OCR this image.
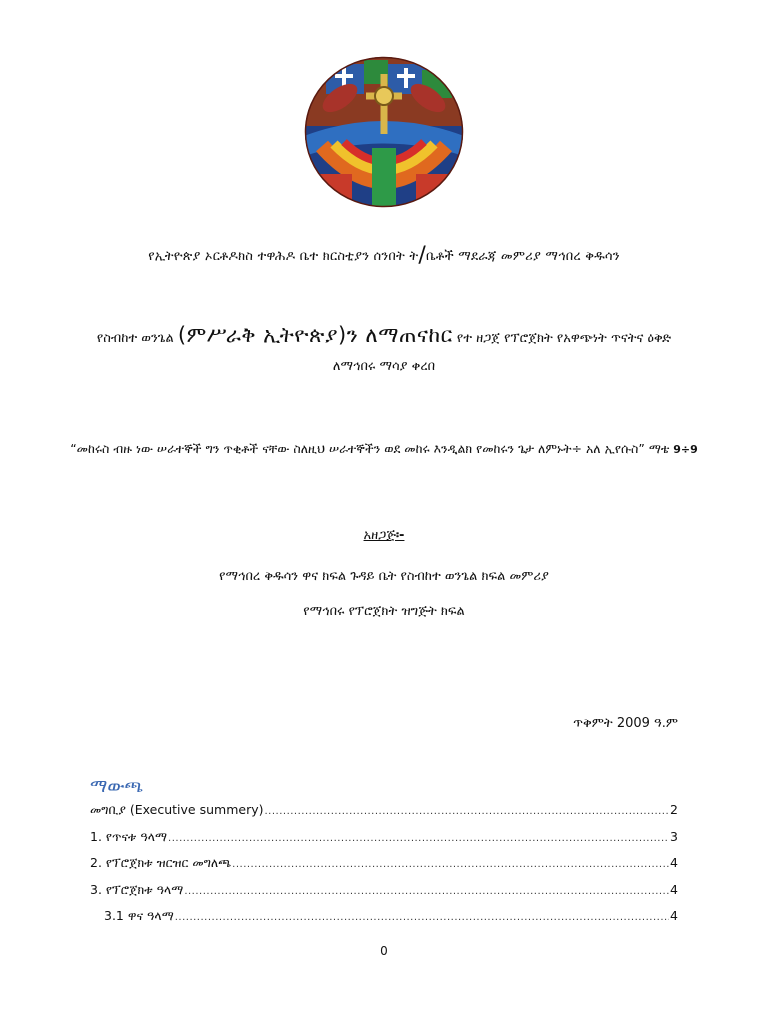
የኢትዮጵያ ኦርቶዶክስ ተዋሕዶ ቤተ ክርስቲያን ሰንበት ት/ቤቶች ማደራጃ መምሪያ ማኅበረ ቅዱሳን
የስብከተ ወንጌል (ምሥራቅ ኢትዮጵያ)ን ለማጠናከር የተ ዘጋጀ የፕሮጀክት የአዋጭነት ጥናትና ዕቅድ
ለማኅበሩ ማሳያ ቀረበ
“መከሩስ ብዙ ነው ሠራተኞች ግን ጥቂቶች ናቸው ስለዚህ ሠራተኞችን ወደ መከሩ እንዲልክ የመከሩን ጌታ ለምኑት÷ አለ ኢየሱስ” ማቴ 9÷9
አዘጋጅ፡-
የማኅበረ ቅዱሳን ዋና ክፍል ጉዳይ ቤት የስብከተ ወንጌል ክፍል መምሪያ
የማኅበሩ የፕሮጀክት ዝግጅት ክፍል
ጥቅምት 2009 ዓ.ም
ማውጫ
መግቢያ (Executive summery) .....	2
1. የጥናቱ ዓላማ .....	3
2. የፕሮጀክቱ ዝርዝር መግለጫ .....	4
3. የፕሮጀክቱ ዓላማ .....	4
3.1 ዋና ዓላማ .....	4
0
